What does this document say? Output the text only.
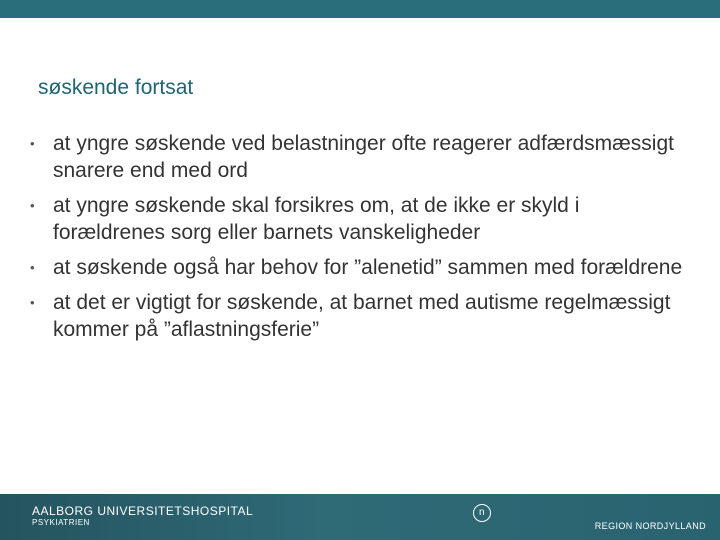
søskende fortsat
• at yngre søskende ved belastninger ofte reagerer adfærdsmæssigt snarere end med ord
• at yngre søskende skal forsikres om, at de ikke er skyld i forældrenes sorg eller barnets vanskeligheder
• at søskende også har behov for ”alenetid” sammen med forældrene
• at det er vigtigt for søskende, at barnet med autisme regelmæssigt kommer på ”aflastningsferie”
AALBORG UNIVERSITETSHOSPITAL
PSYKIATRIEN
n
REGION NORDJYLLAND
